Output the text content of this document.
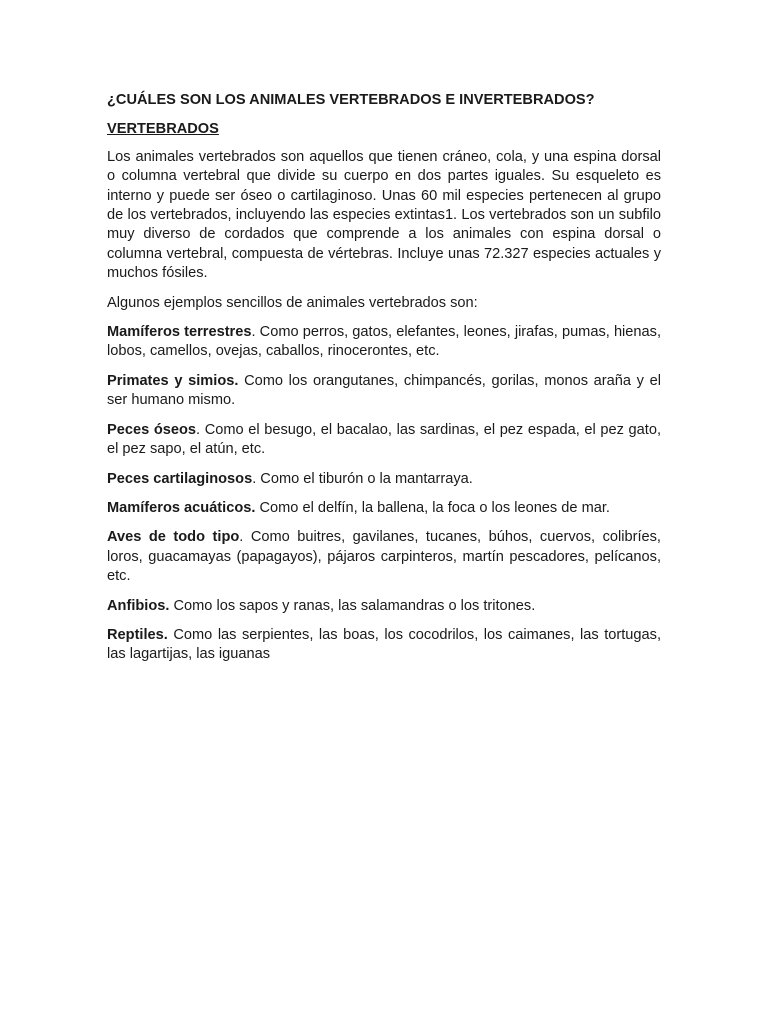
¿CUÁLES SON LOS ANIMALES VERTEBRADOS E INVERTEBRADOS?
VERTEBRADOS

Los animales vertebrados son aquellos que tienen cráneo, cola, y una espina dorsal o columna vertebral que divide su cuerpo en dos partes iguales. Su esqueleto es interno y puede ser óseo o cartilaginoso. Unas 60 mil especies pertenecen al grupo de los vertebrados, incluyendo las especies extintas1. Los vertebrados son un subfilo muy diverso de cordados que comprende a los animales con espina dorsal o columna vertebral, compuesta de vértebras. Incluye unas 72.327 especies actuales y muchos fósiles.

Algunos ejemplos sencillos de animales vertebrados son:

Mamíferos terrestres. Como perros, gatos, elefantes, leones, jirafas, pumas, hienas, lobos, camellos, ovejas, caballos, rinocerontes, etc.

Primates y simios. Como los orangutanes, chimpancés, gorilas, monos araña y el ser humano mismo.

Peces óseos. Como el besugo, el bacalao, las sardinas, el pez espada, el pez gato, el pez sapo, el atún, etc.

Peces cartilaginosos. Como el tiburón o la mantarraya.

Mamíferos acuáticos. Como el delfín, la ballena, la foca o los leones de mar.

Aves de todo tipo. Como buitres, gavilanes, tucanes, búhos, cuervos, colibríes, loros, guacamayas (papagayos), pájaros carpinteros, martín pescadores, pelícanos, etc.

Anfibios. Como los sapos y ranas, las salamandras o los tritones.

Reptiles. Como las serpientes, las boas, los cocodrilos, los caimanes, las tortugas, las lagartijas, las iguanas
